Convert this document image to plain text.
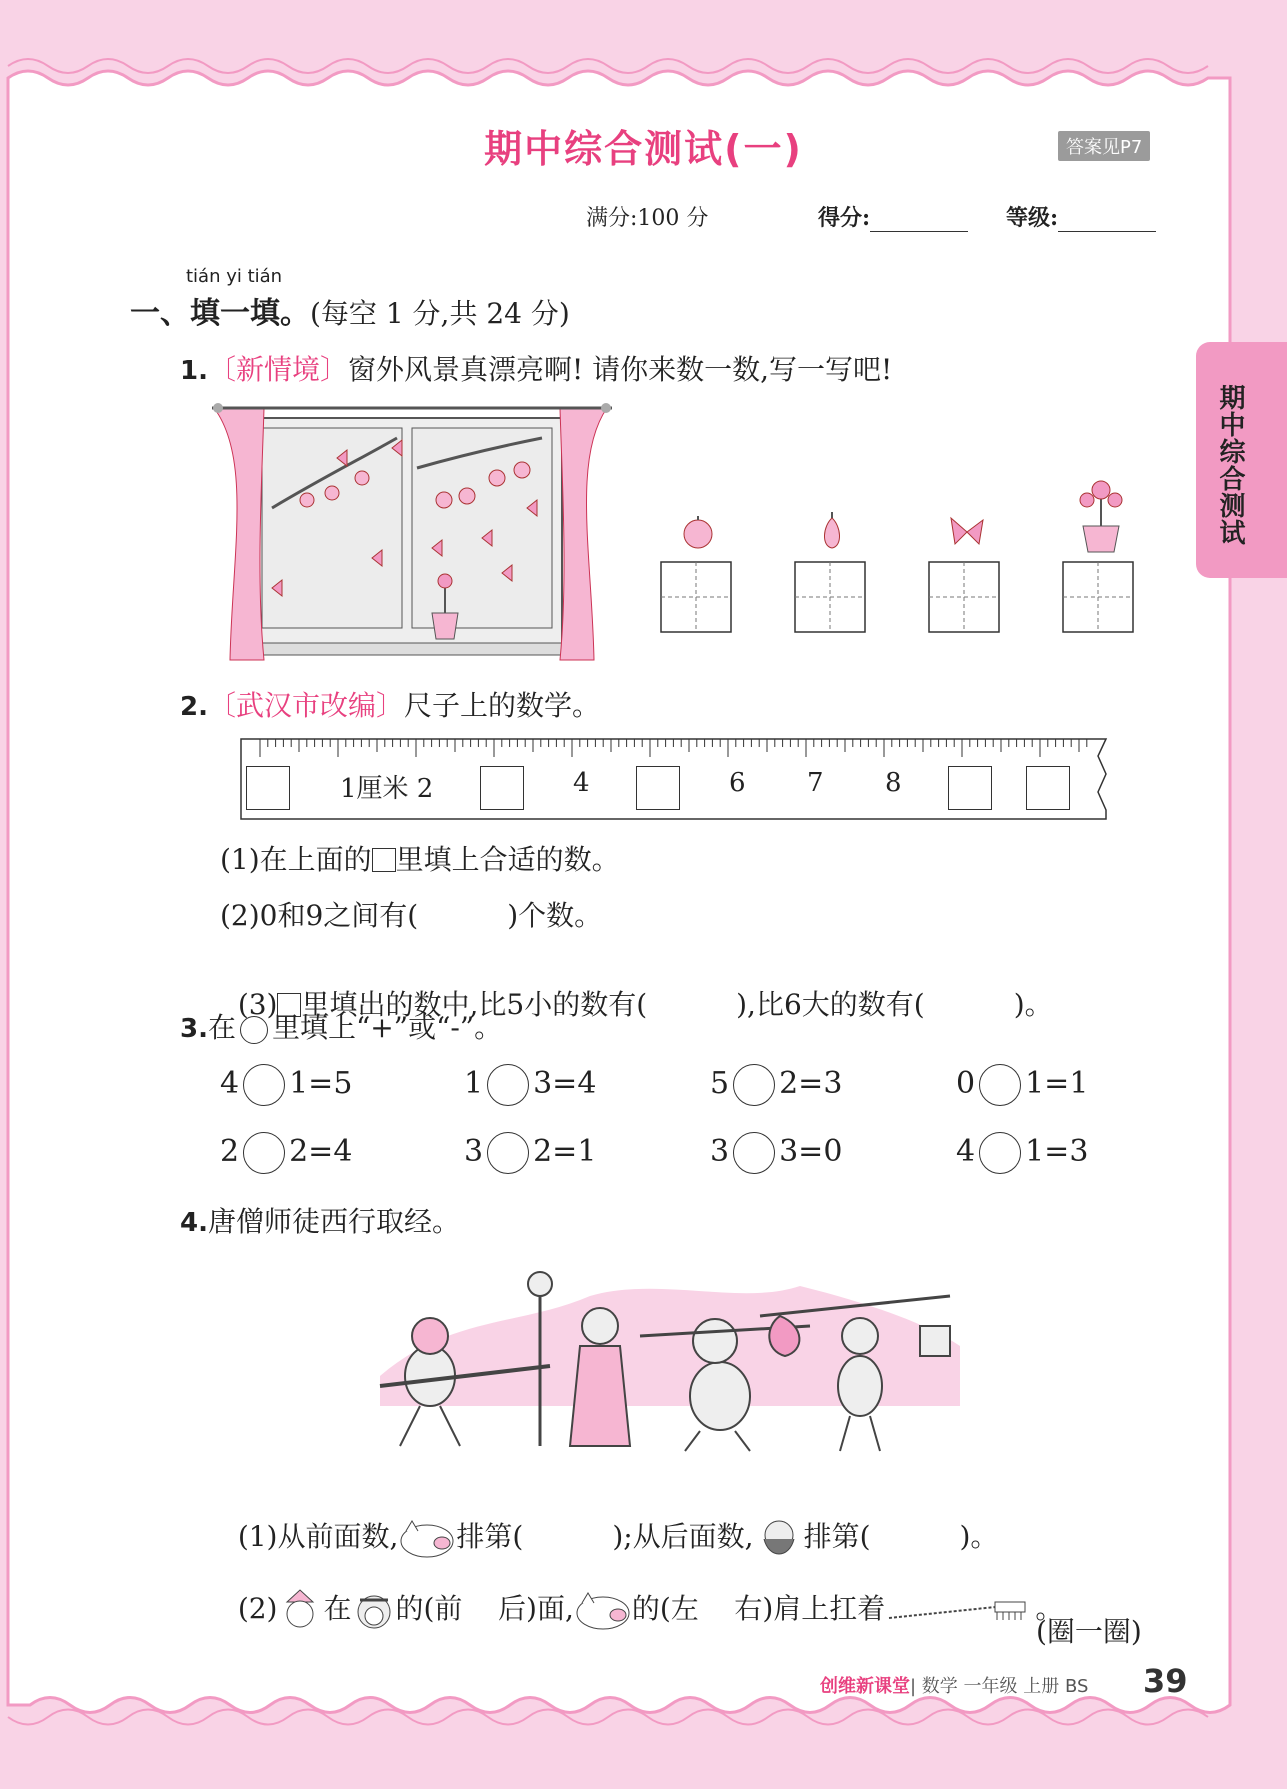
期中综合测试(一)	答案见P7
满分:100 分	得分:	等级:
期中综合测试
tián yi tián
一、填一填。(每空 1 分,共 24 分)
1.〔新情境〕窗外风景真漂亮啊! 请你来数一数,写一写吧!
2.〔武汉市改编〕尺子上的数学。
1厘米 2	4	6 7 8
(1)在上面的 里填上合适的数。
(2)0和9之间有(          )个数。

(3) 里填出的数中,比5小的数有(          ),比6大的数有(          )。

3.在 里填上“+”或“-”。
4 1=5	1 3=4	5 2=3	0 1=1
2 2=4	3 2=1	3 3=0	4 1=3
4.唐僧师徒西行取经。

(1)从前面数, 排第(          );从后面数, 排第(          )。

(2) 在 的(前    后)面, 的(左    右)肩上扛着	。

(圈一圈)
创维新课堂| 数学 一年级 上册 BS 39
